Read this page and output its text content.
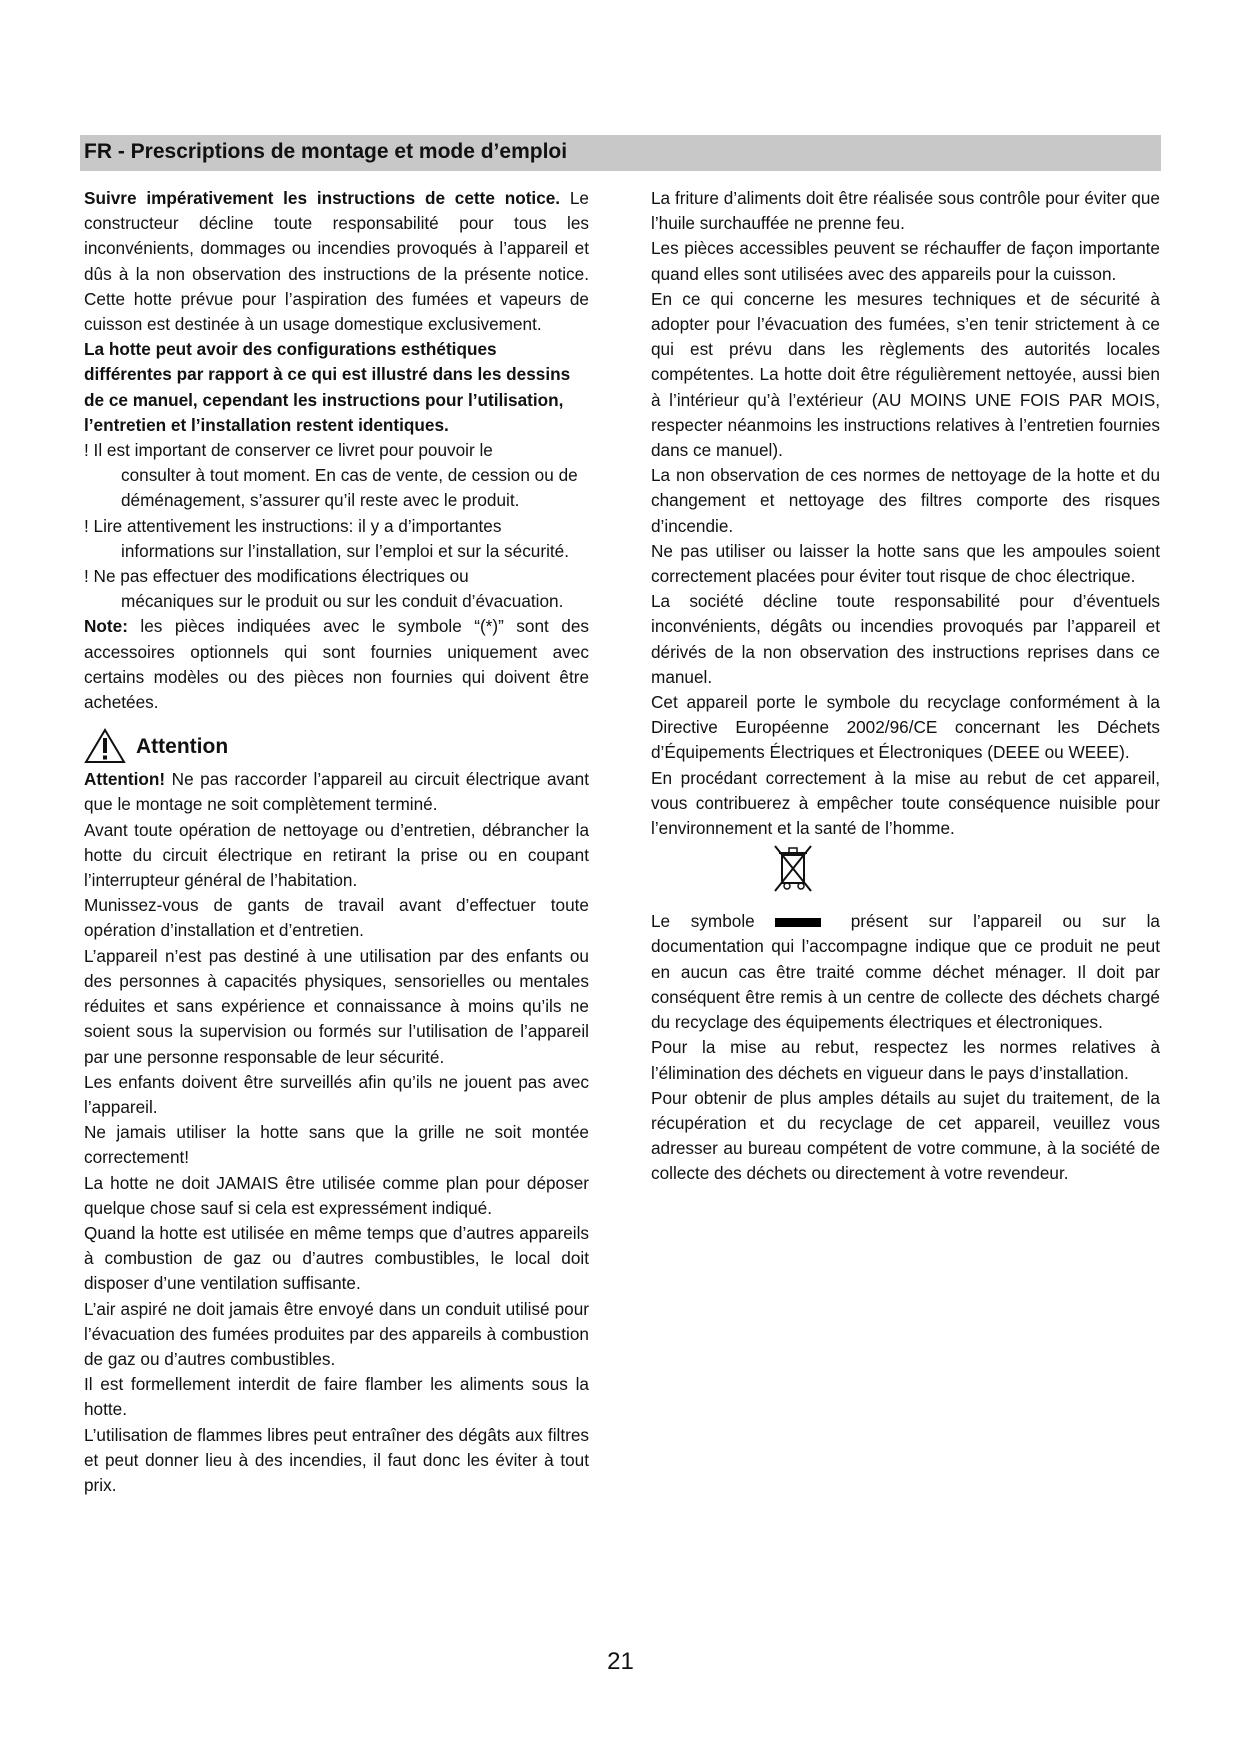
FR - Prescriptions de montage et mode d’emploi

Suivre impérativement les instructions de cette notice. Le constructeur décline toute responsabilité pour tous les inconvénients, dommages ou incendies provoqués à l’appareil et dûs à la non observation des instructions de la présente notice. Cette hotte prévue pour l’aspiration des fumées et vapeurs de cuisson est destinée à un usage domestique exclusivement.

La hotte peut avoir des configurations esthétiques différentes par rapport à ce qui est illustré dans les dessins de ce manuel, cependant les instructions pour l’utilisation, l’entretien et l’installation restent identiques.

! Il est important de conserver ce livret pour pouvoir le
consulter à tout moment. En cas de vente, de cession ou de déménagement, s’assurer qu’il reste avec le produit.

! Lire attentivement les instructions: il y a d’importantes
informations sur l’installation, sur l’emploi et sur la sécurité.

! Ne pas effectuer des modifications électriques ou
mécaniques sur le produit ou sur les conduit d’évacuation.

Note: les pièces indiquées avec le symbole “(*)” sont des accessoires optionnels qui sont fournies uniquement avec certains modèles ou des pièces non fournies qui doivent être achetées.

Attention

Attention! Ne pas raccorder l’appareil au circuit électrique avant que le montage ne soit complètement terminé.

Avant toute opération de nettoyage ou d’entretien, débrancher la hotte du circuit électrique en retirant la prise ou en coupant l’interrupteur général de l’habitation.

Munissez-vous de gants de travail avant d’effectuer toute opération d’installation et d’entretien.

L’appareil n’est pas destiné à une utilisation par des enfants ou des personnes à capacités physiques, sensorielles ou mentales réduites et sans expérience et connaissance à moins qu’ils ne soient sous la supervision ou formés sur l’utilisation de l’appareil par une personne responsable de leur sécurité.

Les enfants doivent être surveillés afin qu’ils ne jouent pas avec l’appareil.

Ne jamais utiliser la hotte sans que la grille ne soit montée correctement!

La hotte ne doit JAMAIS être utilisée comme plan pour déposer quelque chose sauf si cela est expressément indiqué.

Quand la hotte est utilisée en même temps que d’autres appareils à combustion de gaz ou d’autres combustibles, le local doit disposer d’une ventilation suffisante.

L’air aspiré ne doit jamais être envoyé dans un conduit utilisé pour l’évacuation des fumées produites par des appareils à combustion de gaz ou d’autres combustibles.

Il est formellement interdit de faire flamber les aliments sous la hotte.

L’utilisation de flammes libres peut entraîner des dégâts aux filtres et peut donner lieu à des incendies, il faut donc les éviter à tout prix.

La friture d’aliments doit être réalisée sous contrôle pour éviter que l’huile surchauffée ne prenne feu.

Les pièces accessibles peuvent se réchauffer de façon importante quand elles sont utilisées avec des appareils pour la cuisson.

En ce qui concerne les mesures techniques et de sécurité à adopter pour l’évacuation des fumées, s’en tenir strictement à ce qui est prévu dans les règlements des autorités locales compétentes. La hotte doit être régulièrement nettoyée, aussi bien à l’intérieur qu’à l’extérieur (AU MOINS UNE FOIS PAR MOIS, respecter néanmoins les instructions relatives à l’entretien fournies dans ce manuel).

La non observation de ces normes de nettoyage de la hotte et du changement et nettoyage des filtres comporte des risques d’incendie.

Ne pas utiliser ou laisser la hotte sans que les ampoules soient correctement placées pour éviter tout risque de choc électrique.

La société décline toute responsabilité pour d’éventuels inconvénients, dégâts ou incendies provoqués par l’appareil et dérivés de la non observation des instructions reprises dans ce manuel.

Cet appareil porte le symbole du recyclage conformément à la Directive Européenne 2002/96/CE concernant les Déchets d’Équipements Électriques et Électroniques (DEEE ou WEEE).

En procédant correctement à la mise au rebut de cet appareil, vous contribuerez à empêcher toute conséquence nuisible pour l’environnement et la santé de l’homme.

Le symbole	présent sur l’appareil ou sur la documentation qui l’accompagne indique que ce produit ne peut en aucun cas être traité comme déchet ménager. Il doit par conséquent être remis à un centre de collecte des déchets chargé du recyclage des équipements électriques et électroniques.

Pour la mise au rebut, respectez les normes relatives à l’élimination des déchets en vigueur dans le pays d’installation.

Pour obtenir de plus amples détails au sujet du traitement, de la récupération et du recyclage de cet appareil, veuillez vous adresser au bureau compétent de votre commune, à la société de collecte des déchets ou directement à votre revendeur.

21
